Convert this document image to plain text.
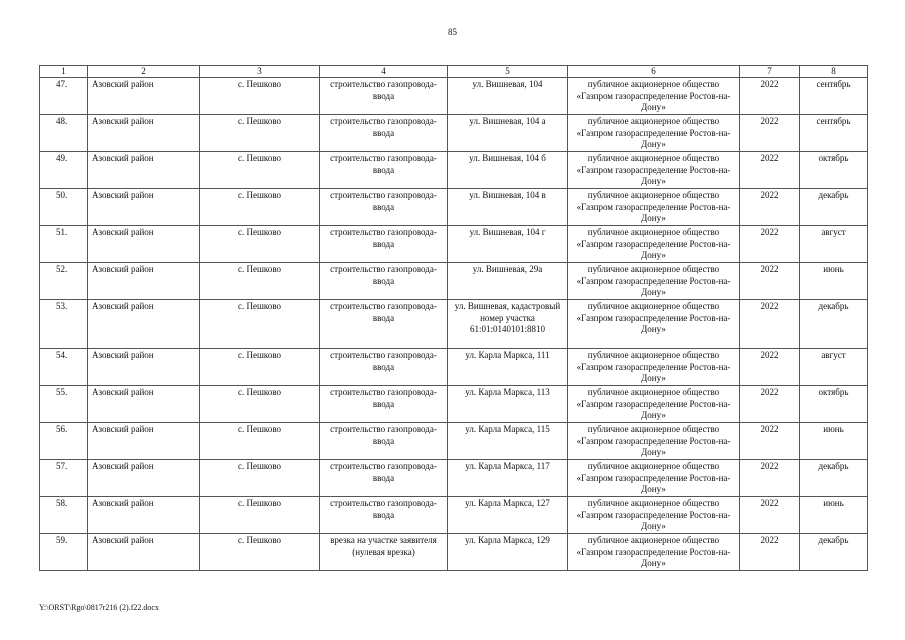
85
1	2	3	4	5	6	7	8
47.	Азовский район	с. Пешково	строительство газопровода-ввода	ул. Вишневая, 104	публичное акционерное общество «Газпром газораспределение Ростов-на-Дону»	2022	сентябрь
48.	Азовский район	с. Пешково	строительство газопровода-ввода	ул. Вишневая, 104 а	публичное акционерное общество «Газпром газораспределение Ростов-на-Дону»	2022	сентябрь
49.	Азовский район	с. Пешково	строительство газопровода-ввода	ул. Вишневая, 104 б	публичное акционерное общество «Газпром газораспределение Ростов-на-Дону»	2022	октябрь
50.	Азовский район	с. Пешково	строительство газопровода-ввода	ул. Вишневая, 104 в	публичное акционерное общество «Газпром газораспределение Ростов-на-Дону»	2022	декабрь
51.	Азовский район	с. Пешково	строительство газопровода-ввода	ул. Вишневая, 104 г	публичное акционерное общество «Газпром газораспределение Ростов-на-Дону»	2022	август
52.	Азовский район	с. Пешково	строительство газопровода-ввода	ул. Вишневая, 29а	публичное акционерное общество «Газпром газораспределение Ростов-на-Дону»	2022	июнь
53.	Азовский район	с. Пешково	строительство газопровода-ввода	ул. Вишневая, кадастровый номер участка 61:01:0140101:8810	публичное акционерное общество «Газпром газораспределение Ростов-на-Дону»	2022	декабрь
54.	Азовский район	с. Пешково	строительство газопровода-ввода	ул. Карла Маркса, 111	публичное акционерное общество «Газпром газораспределение Ростов-на-Дону»	2022	август
55.	Азовский район	с. Пешково	строительство газопровода-ввода	ул. Карла Маркса, 113	публичное акционерное общество «Газпром газораспределение Ростов-на-Дону»	2022	октябрь
56.	Азовский район	с. Пешково	строительство газопровода-ввода	ул. Карла Маркса, 115	публичное акционерное общество «Газпром газораспределение Ростов-на-Дону»	2022	июнь
57.	Азовский район	с. Пешково	строительство газопровода-ввода	ул. Карла Маркса, 117	публичное акционерное общество «Газпром газораспределение Ростов-на-Дону»	2022	декабрь
58.	Азовский район	с. Пешково	строительство газопровода-ввода	ул. Карла Маркса, 127	публичное акционерное общество «Газпром газораспределение Ростов-на-Дону»	2022	июнь
59.	Азовский район	с. Пешково	врезка на участке заявителя (нулевая врезка)	ул. Карла Маркса, 129	публичное акционерное общество «Газпром газораспределение Ростов-на-Дону»	2022	декабрь
Y:\ORST\Rgo\0817r216 (2).f22.docx
